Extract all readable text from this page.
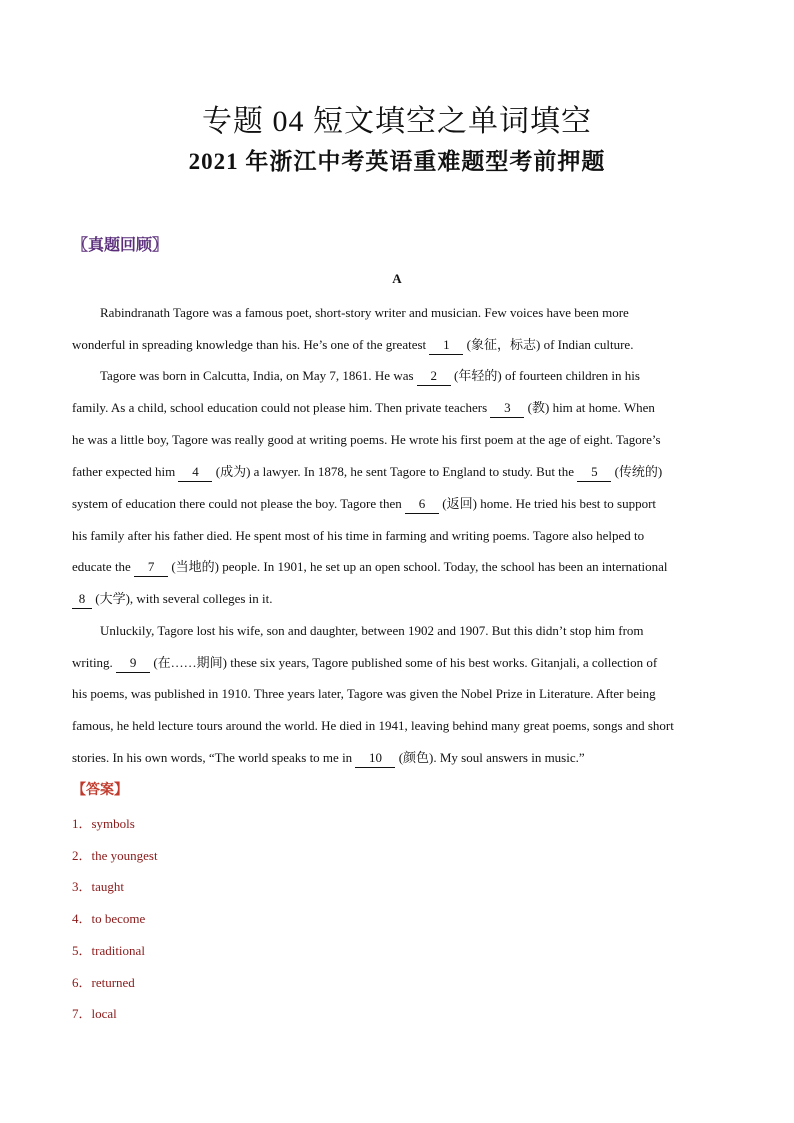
专题 04 短文填空之单词填空
2021 年浙江中考英语重难题型考前押题
〖真题回顾〗
A
Rabindranath Tagore was a famous poet, short-story writer and musician. Few voices have been more
wonderful in spreading knowledge than his. He’s one of the greatest 1 (象征，标志) of Indian culture.
Tagore was born in Calcutta, India, on May 7, 1861. He was 2 (年轻的) of fourteen children in his
family. As a child, school education could not please him. Then private teachers 3 (教) him at home. When
he was a little boy, Tagore was really good at writing poems. He wrote his first poem at the age of eight. Tagore’s
father expected him 4 (成为) a lawyer. In 1878, he sent Tagore to England to study. But the 5 (传统的)
system of education there could not please the boy. Tagore then 6 (返回) home. He tried his best to support
his family after his father died. He spent most of his time in farming and writing poems. Tagore also helped to
educate the 7 (当地的) people. In 1901, he set up an open school. Today, the school has been an international
8 (大学), with several colleges in it.
Unluckily, Tagore lost his wife, son and daughter, between 1902 and 1907. But this didn’t stop him from
writing. 9 (在……期间) these six years, Tagore published some of his best works. Gitanjali, a collection of
his poems, was published in 1910. Three years later, Tagore was given the Nobel Prize in Literature. After being
famous, he held lecture tours around the world. He died in 1941, leaving behind many great poems, songs and short
stories. In his own words, “The world speaks to me in 10 (颜色). My soul answers in music.”
【答案】
1．symbols
2．the youngest
3．taught
4．to become
5．traditional
6．returned
7．local
